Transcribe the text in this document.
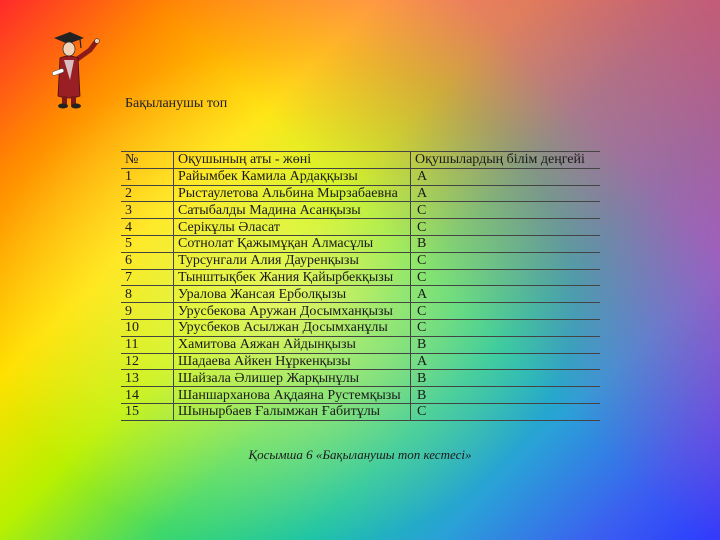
Бақыланушы топ
№	Оқушының аты - жөні	Оқушылардың білім деңгейі
1	Райымбек Камила Ардаққызы	А
2	Рыстаулетова Альбина Мырзабаевна	А
3	Сатыбалды Мадина Асанқызы	С
4	Серікұлы Әласат	С
5	Сотнолат Қажымұқан Алмасұлы	В
6	Турсунгали Алия Дауренқызы	С
7	Тынштықбек Жания Қайырбекқызы	С
8	Уралова Жансая Ерболқызы	А
9	Урусбекова Аружан Досымханқызы	С
10	Урусбеков Асылжан Досымханұлы	С
11	Хамитова Аяжан Айдынқызы	В
12	Шадаева Айкен Нұркенқызы	А
13	Шайзала Әлишер Жарқынұлы	В
14	Шаншарханова Ақдаяна Рустемқызы	В
15	Шынырбаев Ғалымжан Ғабитұлы	С
Қосымша 6 «Бақыланушы топ кестесі»
